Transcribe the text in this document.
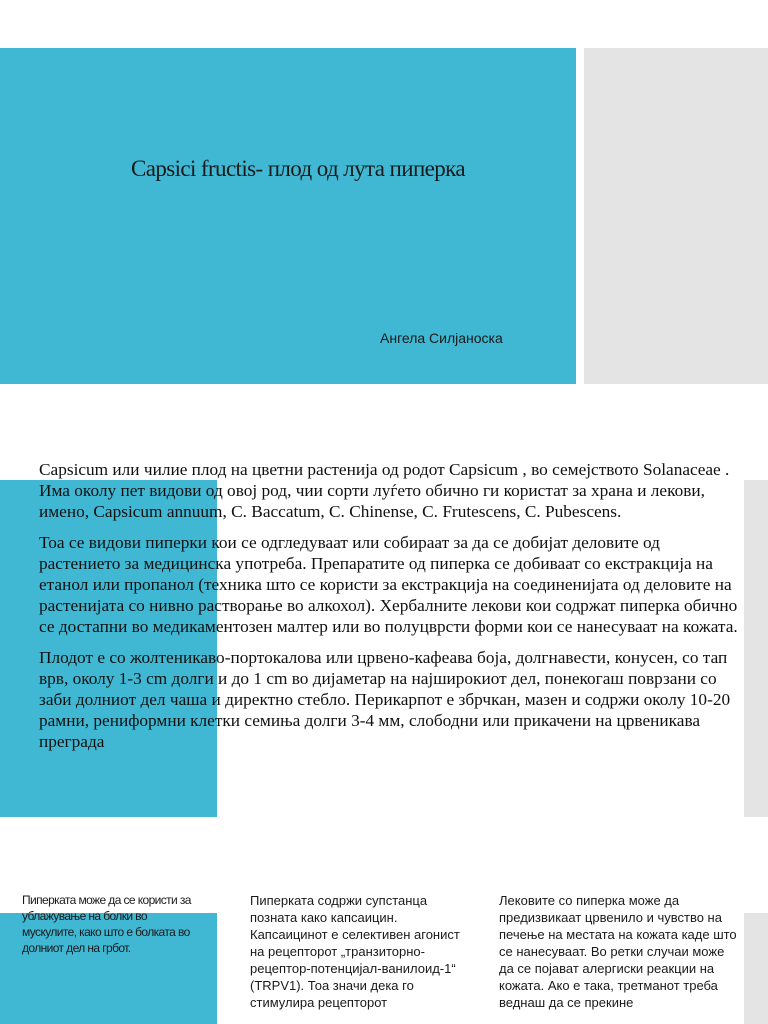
Capsici fructis- плод од лута пиперка
Ангела Силјаноска

Capsicum или чилие плод на цветни растенија од родот Capsicum , во семејството Solanaceae . Има околу пет видови од овој род, чии сорти луѓето обично ги користат за храна и лекови, имено, Capsicum annuum, C. Baccatum, C. Chinense, C. Frutescens, C. Pubescens.

Тоа се видови пиперки кои се одгледуваат или собираат за да се добијат деловите од растението за медицинска употреба. Препаратите од пиперка се добиваат со екстракција на етанол или пропанол (техника што се користи за екстракција на соединенијата од деловите на растенијата со нивно растворање во алкохол). Хербалните лекови кои содржат пиперка обично се достапни во медикаментозен малтер или во полуцврсти форми кои се нанесуваат на кожата.

Плодот е со жолтеникаво-портокалова или црвено-кафеава боја, долгнавести, конусен, со тап врв, околу 1-3 cm долги и до 1 cm во дијаметар на најширокиот дел, понекогаш поврзани со заби долниот дел чаша и директно стебло. Перикарпот е збрчкан, мазен и содржи околу 10-20 рамни, рениформни клетки семиња долги 3-4 мм, слободни или прикачени на црвеникава преграда

Пиперката може да се користи за ублажување на болки во мускулите, како што е болката во долниот дел на грбот.
Пиперката содржи супстанца позната како капсаицин. Капсаицинот е селективен агонист на рецепторот „транзиторно-рецептор-потенцијал-ванилоид-1“ (TRPV1). Тоа значи дека го стимулира рецепторот
Лековите со пиперка може да предизвикаат црвенило и чувство на печење на местата на кожата каде што се нанесуваат. Во ретки случаи може да се појават алергиски реакции на кожата. Ако е така, третманот треба веднаш да се прекине
